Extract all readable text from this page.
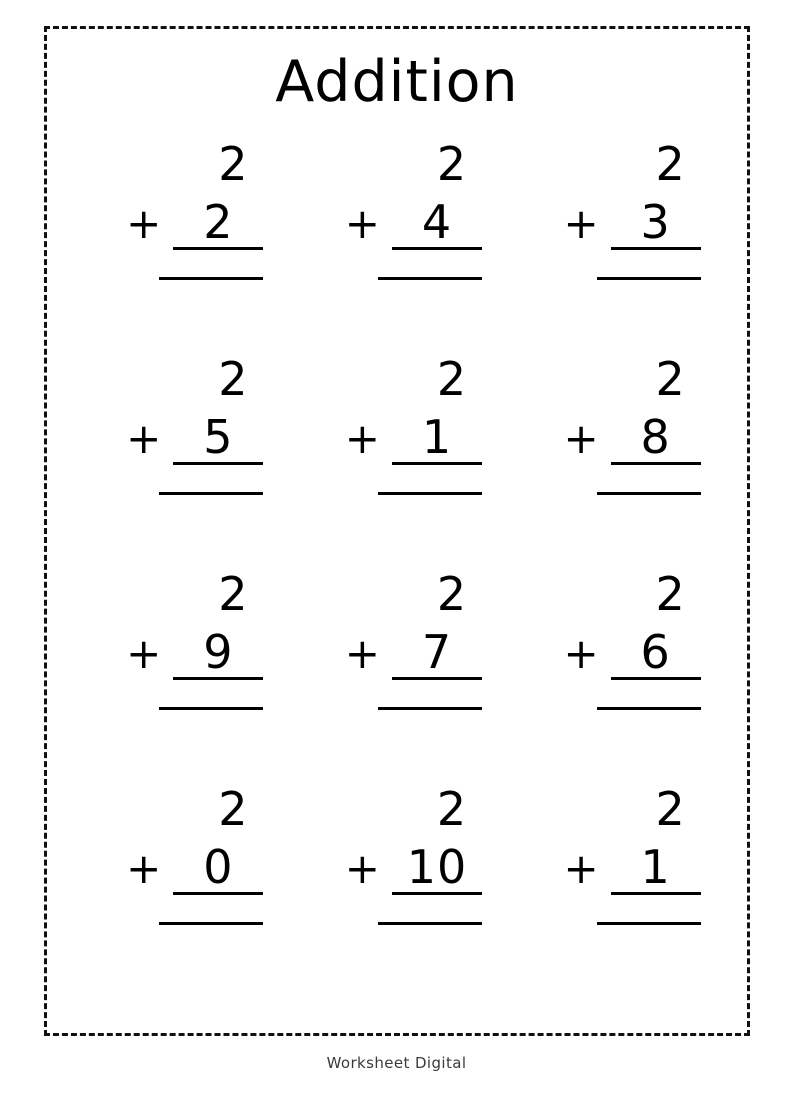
Addition
2
+ 2
2
+ 4
2
+ 3
2
+ 5
2
+ 1
2
+ 8
2
+ 9
2
+ 7
2
+ 6
2
+ 0
2
+ 10
2
+ 1
Worksheet Digital
